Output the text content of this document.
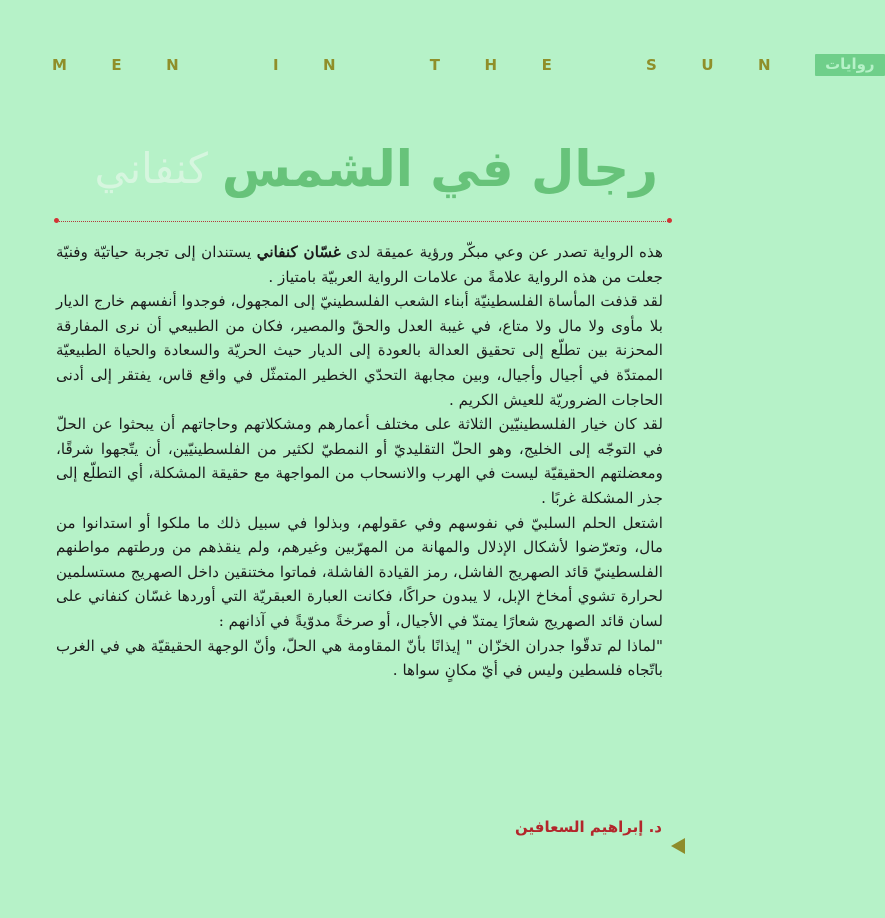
MEN IN THE SUN روايات
رجال في الشمس
كنفاني

هذه الرواية تصدر عن وعي مبكّر ورؤية عميقة لدى غسّان كنفاني يستندان إلى تجربة حياتيّة وفنيّة جعلت من هذه الرواية علامةً من علامات الرواية العربيّة بامتياز .

لقد قذفت المأساة الفلسطينيّة أبناء الشعب الفلسطينيّ إلى المجهول، فوجدوا أنفسهم خارج الديار بلا مأوى ولا مال ولا متاع، في غيبة العدل والحقّ والمصير، فكان من الطبيعي أن نرى المفارقة المحزنة بين تطلّع إلى تحقيق العدالة بالعودة إلى الديار حيث الحريّة والسعادة والحياة الطبيعيّة الممتدّة في أجيال وأجيال، وبين مجابهة التحدّي الخطير المتمثّل في واقع قاس، يفتقر إلى أدنى الحاجات الضروريّة للعيش الكريم .

لقد كان خيار الفلسطينيّين الثلاثة على مختلف أعمارهم ومشكلاتهم وحاجاتهم أن يبحثوا عن الحلّ في التوجّه إلى الخليج، وهو الحلّ التقليديّ أو النمطيّ لكثير من الفلسطينيّين، أن يتّجهوا شرقًا، ومعضلتهم الحقيقيّة ليست في الهرب والانسحاب من المواجهة مع حقيقة المشكلة، أي التطلّع إلى جذر المشكلة غربًا .

اشتعل الحلم السلبيّ في نفوسهم وفي عقولهم، وبذلوا في سبيل ذلك ما ملكوا أو استدانوا من مال، وتعرّضوا لأشكال الإذلال والمهانة من المهرّبين وغيرهم، ولم ينقذهم من ورطتهم مواطنهم الفلسطينيّ قائد الصهريج الفاشل، رمز القيادة الفاشلة، فماتوا مختنقين داخل الصهريج مستسلمين لحرارة تشوي أمخاخ الإبل، لا يبدون حراكًا، فكانت العبارة العبقريّة التي أوردها غسّان كنفاني على لسان قائد الصهريج شعارًا يمتدّ في الأجيال، أو صرخةً مدوّيةً في آذانهم :

"لماذا لم تدقّوا جدران الخزّان " إيذانًا بأنّ المقاومة هي الحلّ، وأنّ الوجهة الحقيقيّة هي في الغرب باتّجاه فلسطين وليس في أيّ مكانٍ سواها .

د. إبراهيم السعافين
